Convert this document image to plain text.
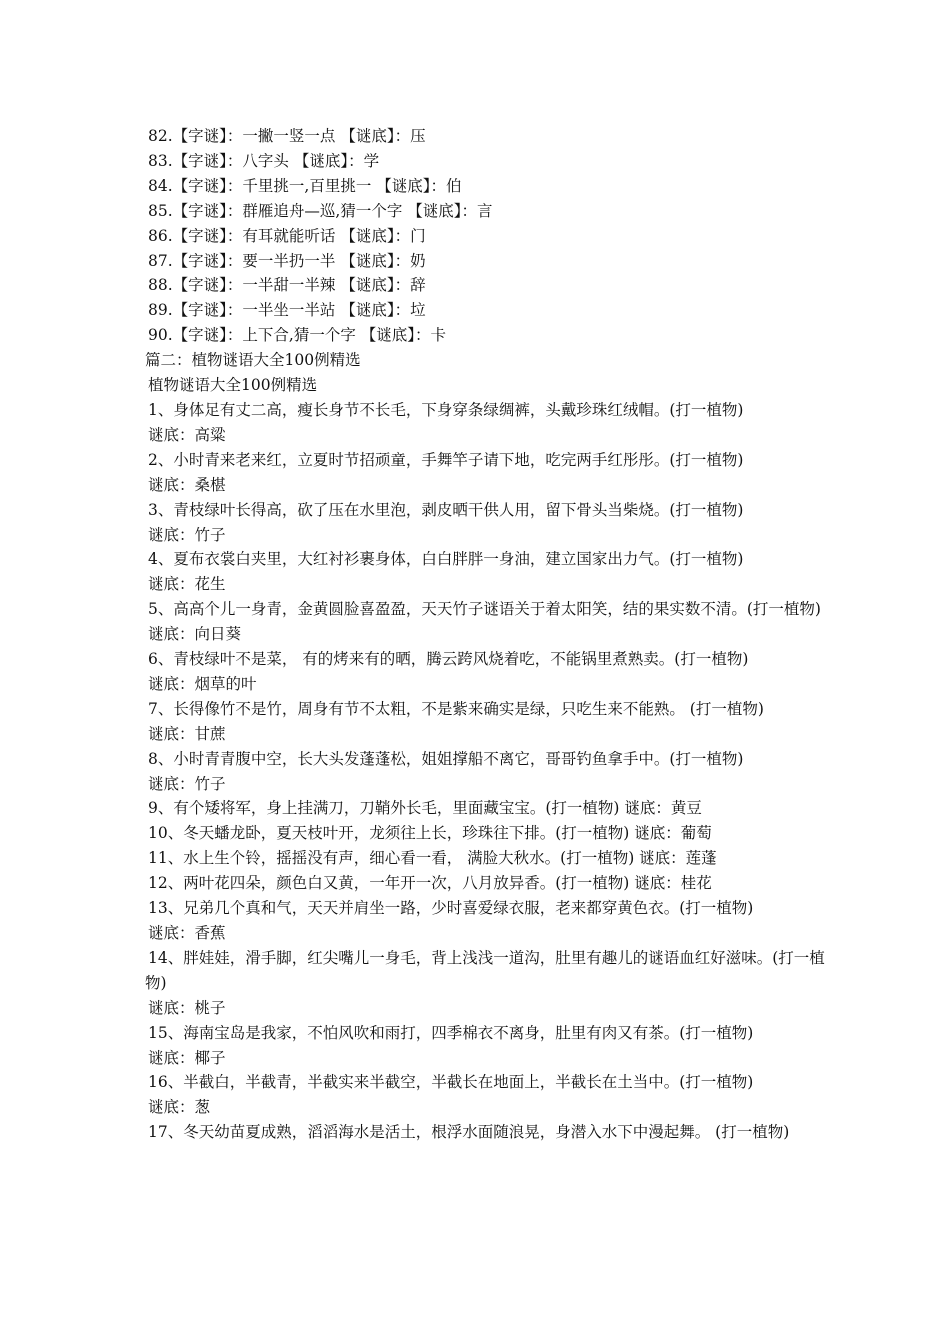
82.【字谜】：一撇一竖一点 【谜底】：压
83.【字谜】：八字头 【谜底】：学
84.【字谜】：千里挑一,百里挑一 【谜底】：伯
85.【字谜】：群雁追舟—巡,猜一个字 【谜底】：言
86.【字谜】：有耳就能听话 【谜底】：门
87.【字谜】：要一半扔一半 【谜底】：奶
88.【字谜】：一半甜一半辣 【谜底】：辞
89.【字谜】：一半坐一半站 【谜底】：垃
90.【字谜】：上下合,猜一个字 【谜底】：卡
篇二：植物谜语大全100例精选
植物谜语大全100例精选
1、身体足有丈二高，瘦长身节不长毛，下身穿条绿绸裤，头戴珍珠红绒帽。(打一植物)
谜底：高粱
2、小时青来老来红，立夏时节招顽童，手舞竿子请下地，吃完两手红彤彤。(打一植物)
谜底：桑椹
3、青枝绿叶长得高，砍了压在水里泡，剥皮晒干供人用，留下骨头当柴烧。(打一植物)
谜底：竹子
4、夏布衣裳白夹里，大红衬衫裹身体，白白胖胖一身油，建立国家出力气。(打一植物)
谜底：花生
5、高高个儿一身青，金黄圆脸喜盈盈，天天竹子谜语关于着太阳笑，结的果实数不清。(打一植物)
谜底：向日葵
6、青枝绿叶不是菜， 有的烤来有的晒，腾云跨风烧着吃，不能锅里煮熟卖。(打一植物)
谜底：烟草的叶
7、长得像竹不是竹，周身有节不太粗，不是紫来确实是绿，只吃生来不能熟。 (打一植物)
谜底：甘蔗
8、小时青青腹中空，长大头发蓬蓬松，姐姐撑船不离它，哥哥钓鱼拿手中。(打一植物)
谜底：竹子
9、有个矮将军，身上挂满刀，刀鞘外长毛，里面藏宝宝。(打一植物) 谜底：黄豆
10、冬天蟠龙卧，夏天枝叶开，龙须往上长，珍珠往下排。(打一植物) 谜底：葡萄
11、水上生个铃，摇摇没有声，细心看一看， 满脸大秋水。(打一植物) 谜底：莲蓬
12、两叶花四朵，颜色白又黄，一年开一次，八月放异香。(打一植物) 谜底：桂花
13、兄弟几个真和气，天天并肩坐一路，少时喜爱绿衣服，老来都穿黄色衣。(打一植物)
谜底：香蕉
14、胖娃娃，滑手脚，红尖嘴儿一身毛，背上浅浅一道沟，肚里有趣儿的谜语血红好滋味。(打一植物)
谜底：桃子
15、海南宝岛是我家，不怕风吹和雨打，四季棉衣不离身，肚里有肉又有茶。(打一植物)
谜底：椰子
16、半截白，半截青，半截实来半截空，半截长在地面上，半截长在土当中。(打一植物)
谜底：葱
17、冬天幼苗夏成熟，滔滔海水是活土，根浮水面随浪晃，身潜入水下中漫起舞。 (打一植物)
